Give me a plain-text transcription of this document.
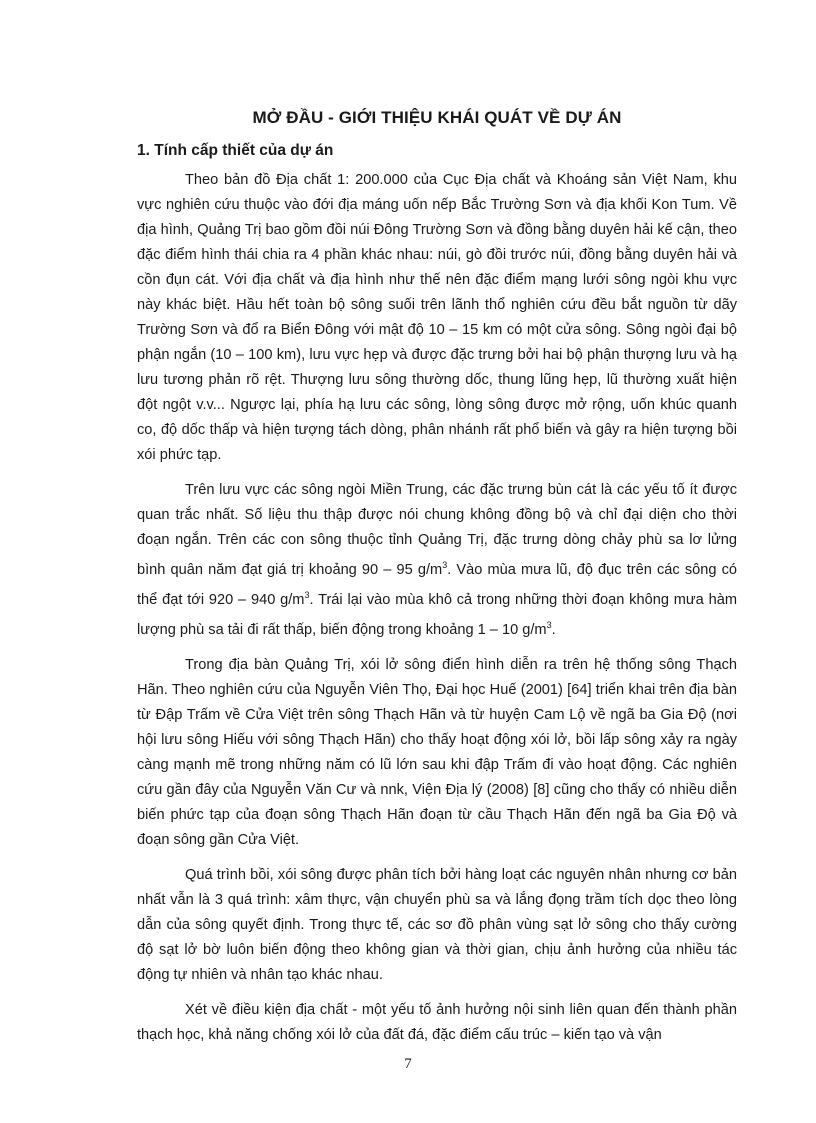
MỞ ĐẦU - GIỚI THIỆU KHÁI QUÁT VỀ DỰ ÁN
1. Tính cấp thiết của dự án

Theo bản đồ Địa chất 1: 200.000 của Cục Địa chất và Khoáng sản Việt Nam, khu vực nghiên cứu thuộc vào đới địa máng uốn nếp Bắc Trường Sơn và địa khối Kon Tum. Về địa hình, Quảng Trị bao gồm đồi núi Đông Trường Sơn và đồng bằng duyên hải kế cận, theo đặc điểm hình thái chia ra 4 phần khác nhau: núi, gò đồi trước núi, đồng bằng duyên hải và cồn đụn cát. Với địa chất và địa hình như thế nên đặc điểm mạng lưới sông ngòi khu vực này khác biệt. Hầu hết toàn bộ sông suối trên lãnh thổ nghiên cứu đều bắt nguồn từ dãy Trường Sơn và đổ ra Biển Đông với mật độ 10 – 15 km có một cửa sông. Sông ngòi đại bộ phận ngắn (10 – 100 km), lưu vực hẹp và được đặc trưng bởi hai bộ phận thượng lưu và hạ lưu tương phản rõ rệt. Thượng lưu sông thường dốc, thung lũng hẹp, lũ thường xuất hiện đột ngột v.v... Ngược lại, phía hạ lưu các sông, lòng sông được mở rộng, uốn khúc quanh co, độ dốc thấp và hiện tượng tách dòng, phân nhánh rất phổ biến và gây ra hiện tượng bồi xói phức tạp.

Trên lưu vực các sông ngòi Miền Trung, các đặc trưng bùn cát là các yếu tố ít được quan trắc nhất. Số liệu thu thập được nói chung không đồng bộ và chỉ đại diện cho thời đoạn ngắn. Trên các con sông thuộc tỉnh Quảng Trị, đặc trưng dòng chảy phù sa lơ lửng bình quân năm đạt giá trị khoảng 90 – 95 $g/m^3$. Vào mùa mưa lũ, độ đục trên các sông có thể đạt tới 920 – 940 $g/m^3$. Trái lại vào mùa khô cả trong những thời đoạn không mưa hàm lượng phù sa tải đi rất thấp, biến động trong khoảng 1 – 10 $g/m^3$.

Trong địa bàn Quảng Trị, xói lở sông điển hình diễn ra trên hệ thống sông Thạch Hãn. Theo nghiên cứu của Nguyễn Viên Thọ, Đại học Huế (2001) [64] triển khai trên địa bàn từ Đập Trấm về Cửa Việt trên sông Thạch Hãn và từ huyện Cam Lộ về ngã ba Gia Độ (nơi hội lưu sông Hiếu với sông Thạch Hãn) cho thấy hoạt động xói lở, bồi lấp sông xảy ra ngày càng mạnh mẽ trong những năm có lũ lớn sau khi đập Trấm đi vào hoạt động. Các nghiên cứu gần đây của Nguyễn Văn Cư và nnk, Viện Địa lý (2008) [8] cũng cho thấy có nhiều diễn biến phức tạp của đoạn sông Thạch Hãn đoạn từ cầu Thạch Hãn đến ngã ba Gia Độ và đoạn sông gần Cửa Việt.

Quá trình bồi, xói sông được phân tích bởi hàng loạt các nguyên nhân nhưng cơ bản nhất vẫn là 3 quá trình: xâm thực, vận chuyển phù sa và lắng đọng trầm tích dọc theo lòng dẫn của sông quyết định. Trong thực tế, các sơ đồ phân vùng sạt lở sông cho thấy cường độ sạt lở bờ luôn biến động theo không gian và thời gian, chịu ảnh hưởng của nhiều tác động tự nhiên và nhân tạo khác nhau.

Xét về điều kiện địa chất - một yếu tố ảnh hưởng nội sinh liên quan đến thành phần thạch học, khả năng chống xói lở của đất đá, đặc điểm cấu trúc – kiến tạo và vận

7
